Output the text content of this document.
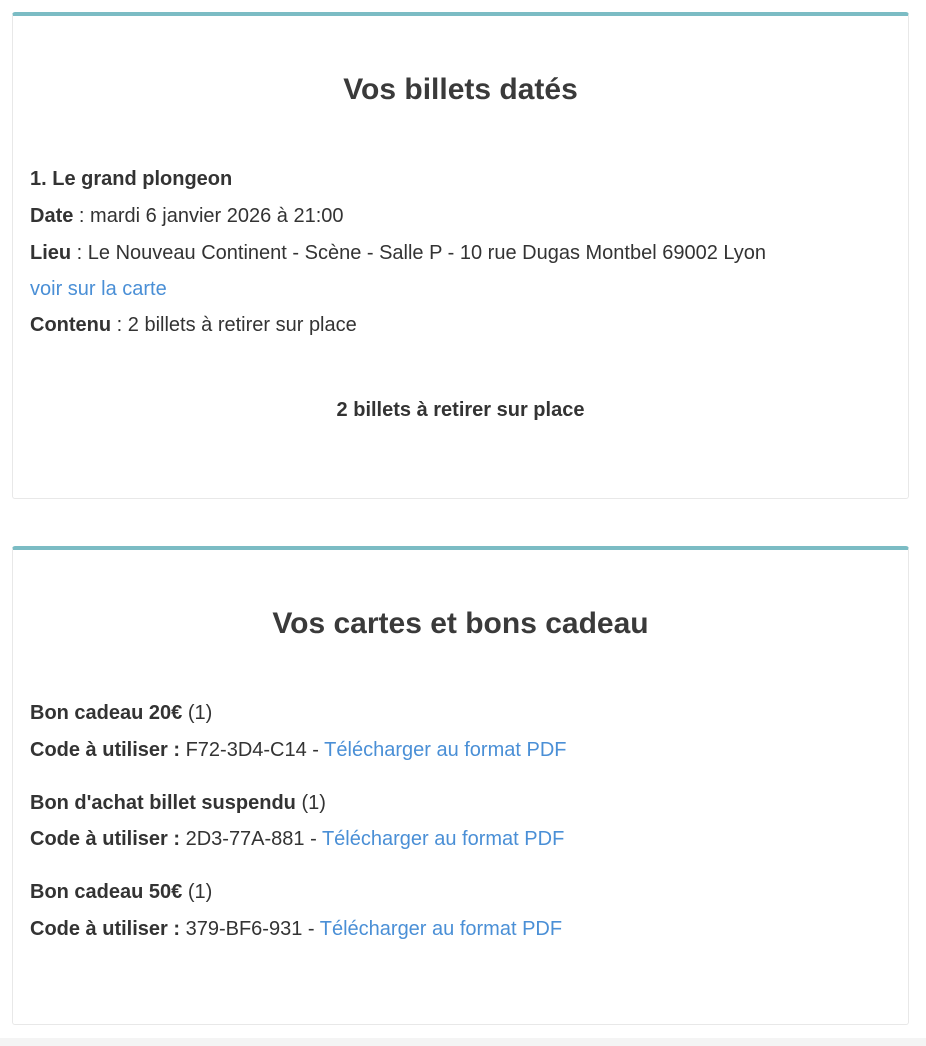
Vos billets datés
1. Le grand plongeon
Date : mardi 6 janvier 2026 à 21:00
Lieu : Le Nouveau Continent - Scène - Salle P - 10 rue Dugas Montbel 69002 Lyon
voir sur la carte
Contenu : 2 billets à retirer sur place
2 billets à retirer sur place
Vos cartes et bons cadeau
Bon cadeau 20€ (1)
Code à utiliser : F72-3D4-C14 - Télécharger au format PDF
Bon d'achat billet suspendu (1)
Code à utiliser : 2D3-77A-881 - Télécharger au format PDF
Bon cadeau 50€ (1)
Code à utiliser : 379-BF6-931 - Télécharger au format PDF
